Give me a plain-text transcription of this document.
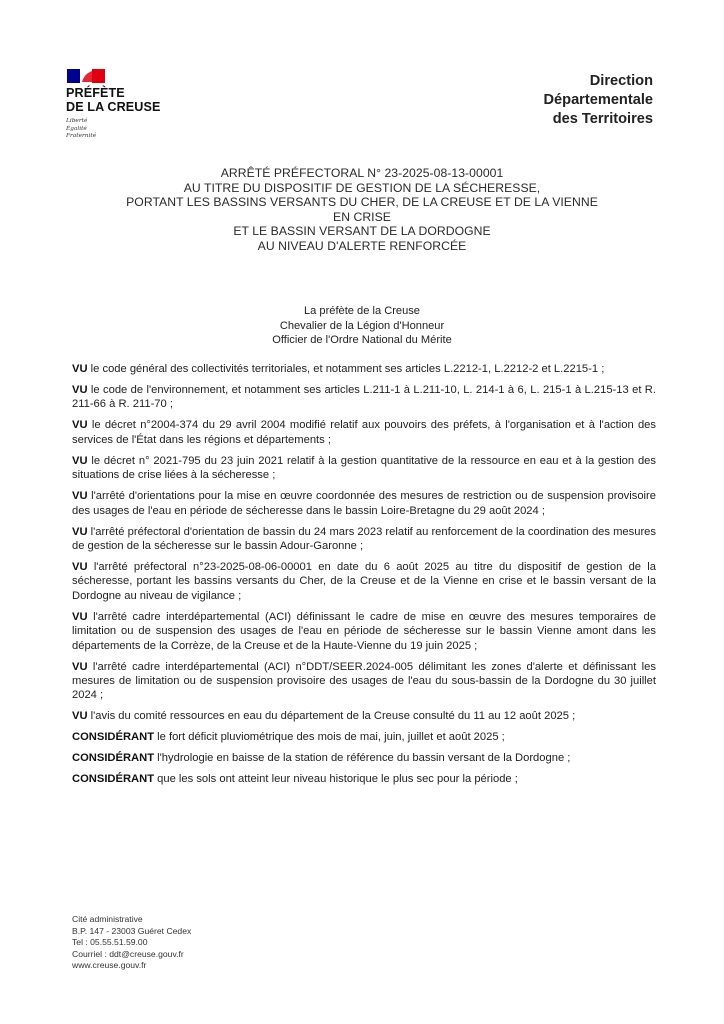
PRÉFÈTE
DE LA CREUSE
Liberté
Égalité
Fraternité
Direction
Départementale
des Territoires
ARRÊTÉ PRÉFECTORAL N° 23-2025-08-13-00001
AU TITRE DU DISPOSITIF DE GESTION DE LA SÉCHERESSE,
PORTANT LES BASSINS VERSANTS DU CHER, DE LA CREUSE ET DE LA VIENNE
EN CRISE
ET LE BASSIN VERSANT DE LA DORDOGNE
AU NIVEAU D'ALERTE RENFORCÉE
La préfète de la Creuse
Chevalier de la Légion d'Honneur
Officier de l'Ordre National du Mérite

VU le code général des collectivités territoriales, et notamment ses articles L.2212-1, L.2212-2 et L.2215-1 ;

VU le code de l'environnement, et notamment ses articles L.211-1 à L.211-10, L. 214-1 à 6, L. 215-1 à L.215-13 et R. 211-66 à R. 211-70 ;

VU le décret n°2004-374 du 29 avril 2004 modifié relatif aux pouvoirs des préfets, à l'organisation et à l'action des services de l'État dans les régions et départements ;

VU le décret n° 2021-795 du 23 juin 2021 relatif à la gestion quantitative de la ressource en eau et à la gestion des situations de crise liées à la sécheresse ;

VU l'arrêté d'orientations pour la mise en œuvre coordonnée des mesures de restriction ou de suspension provisoire des usages de l'eau en période de sécheresse dans le bassin Loire-Bretagne du 29 août 2024 ;

VU l'arrêté préfectoral d'orientation de bassin du 24 mars 2023 relatif au renforcement de la coordination des mesures de gestion de la sécheresse sur le bassin Adour-Garonne ;

VU l'arrêté préfectoral n°23-2025-08-06-00001 en date du 6 août 2025 au titre du dispositif de gestion de la sécheresse, portant les bassins versants du Cher, de la Creuse et de la Vienne en crise et le bassin versant de la Dordogne au niveau de vigilance ;

VU l'arrêté cadre interdépartemental (ACI) définissant le cadre de mise en œuvre des mesures temporaires de limitation ou de suspension des usages de l'eau en période de sécheresse sur le bassin Vienne amont dans les départements de la Corrèze, de la Creuse et de la Haute-Vienne du 19 juin 2025 ;

VU l'arrêté cadre interdépartemental (ACI) n°DDT/SEER.2024-005 délimitant les zones d'alerte et définissant les mesures de limitation ou de suspension provisoire des usages de l'eau du sous-bassin de la Dordogne du 30 juillet 2024 ;

VU l'avis du comité ressources en eau du département de la Creuse consulté du 11 au 12 août 2025 ;

CONSIDÉRANT le fort déficit pluviométrique des mois de mai, juin, juillet et août 2025 ;

CONSIDÉRANT l'hydrologie en baisse de la station de référence du bassin versant de la Dordogne ;

CONSIDÉRANT que les sols ont atteint leur niveau historique le plus sec pour la période ;

Cité administrative
B.P. 147 - 23003 Guéret Cedex
Tel : 05.55.51.59.00
Courriel : ddt@creuse.gouv.fr
www.creuse.gouv.fr
